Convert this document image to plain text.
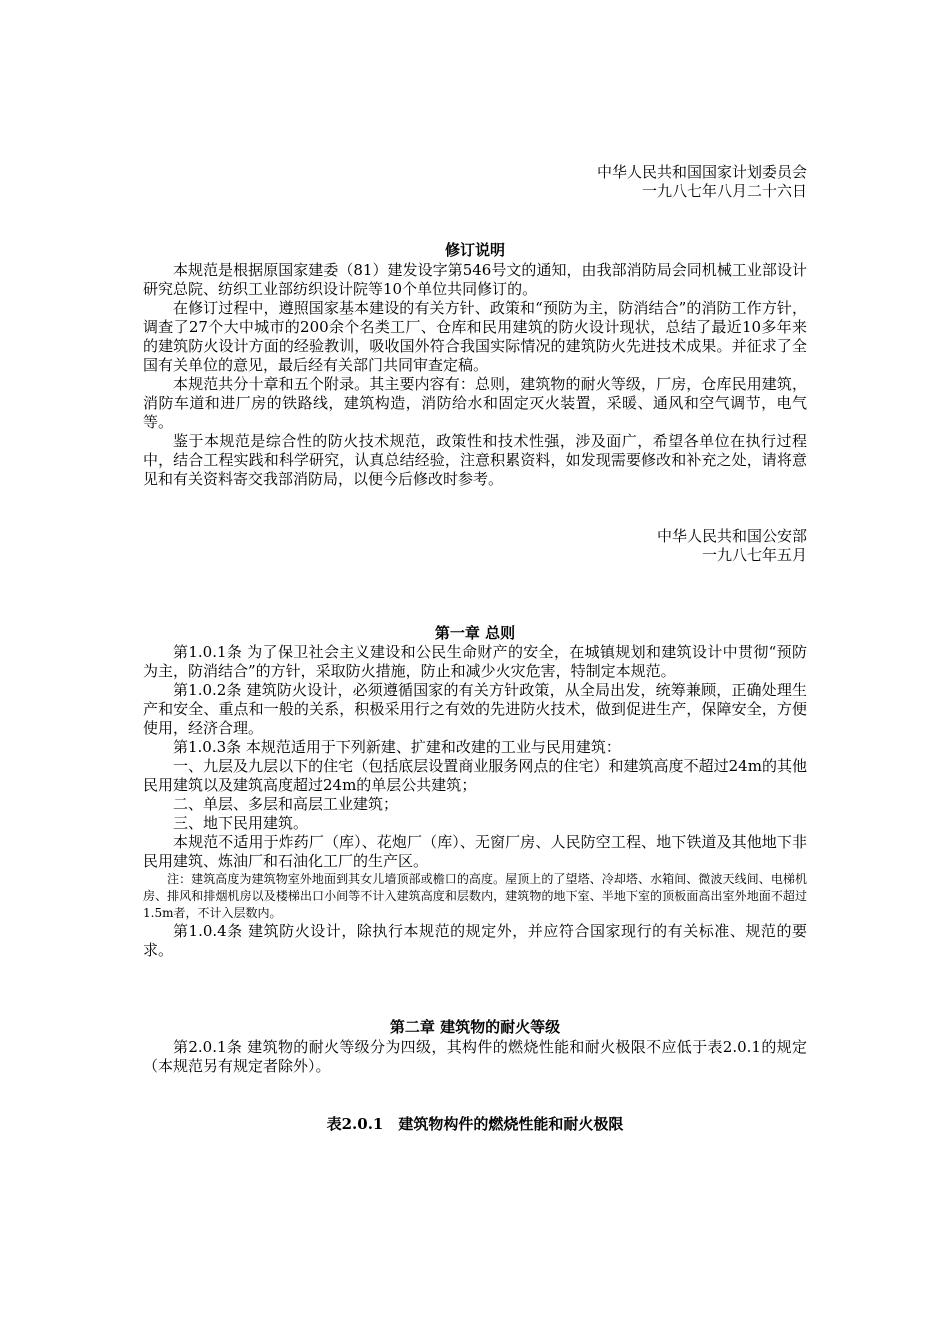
中华人民共和国国家计划委员会
一九八七年八月二十六日
修订说明

本规范是根据原国家建委（81）建发设字第546号文的通知，由我部消防局会同机械工业部设计研究总院、纺织工业部纺织设计院等10个单位共同修订的。

在修订过程中，遵照国家基本建设的有关方针、政策和“预防为主，防消结合”的消防工作方针，调查了27个大中城市的200余个名类工厂、仓库和民用建筑的防火设计现状，总结了最近10多年来的建筑防火设计方面的经验教训，吸收国外符合我国实际情况的建筑防火先进技术成果。并征求了全国有关单位的意见，最后经有关部门共同审查定稿。

本规范共分十章和五个附录。其主要内容有：总则，建筑物的耐火等级，厂房，仓库民用建筑，消防车道和进厂房的铁路线，建筑构造，消防给水和固定灭火装置，采暖、通风和空气调节，电气等。

鉴于本规范是综合性的防火技术规范，政策性和技术性强，涉及面广，希望各单位在执行过程中，结合工程实践和科学研究，认真总结经验，注意积累资料，如发现需要修改和补充之处，请将意见和有关资料寄交我部消防局，以便今后修改时参考。

中华人民共和国公安部
一九八七年五月
第一章 总则

第1.0.1条 为了保卫社会主义建设和公民生命财产的安全，在城镇规划和建筑设计中贯彻“预防为主，防消结合”的方针，采取防火措施，防止和减少火灾危害，特制定本规范。

第1.0.2条 建筑防火设计，必须遵循国家的有关方针政策，从全局出发，统筹兼顾，正确处理生产和安全、重点和一般的关系，积极采用行之有效的先进防火技术，做到促进生产，保障安全，方便使用，经济合理。

第1.0.3条 本规范适用于下列新建、扩建和改建的工业与民用建筑：

一、九层及九层以下的住宅（包括底层设置商业服务网点的住宅）和建筑高度不超过24m的其他民用建筑以及建筑高度超过24m的单层公共建筑；

二、单层、多层和高层工业建筑；

三、地下民用建筑。

本规范不适用于炸药厂（库）、花炮厂（库）、无窗厂房、人民防空工程、地下铁道及其他地下非民用建筑、炼油厂和石油化工厂的生产区。

注：建筑高度为建筑物室外地面到其女儿墙顶部或檐口的高度。屋顶上的了望塔、冷却塔、水箱间、微波天线间、电梯机房、排风和排烟机房以及楼梯出口小间等不计入建筑高度和层数内，建筑物的地下室、半地下室的顶板面高出室外地面不超过1.5m者，不计入层数内。

第1.0.4条 建筑防火设计，除执行本规范的规定外，并应符合国家现行的有关标准、规范的要求。

第二章 建筑物的耐火等级

第2.0.1条 建筑物的耐火等级分为四级，其构件的燃烧性能和耐火极限不应低于表2.0.1的规定（本规范另有规定者除外）。

表2.0.1　建筑物构件的燃烧性能和耐火极限
